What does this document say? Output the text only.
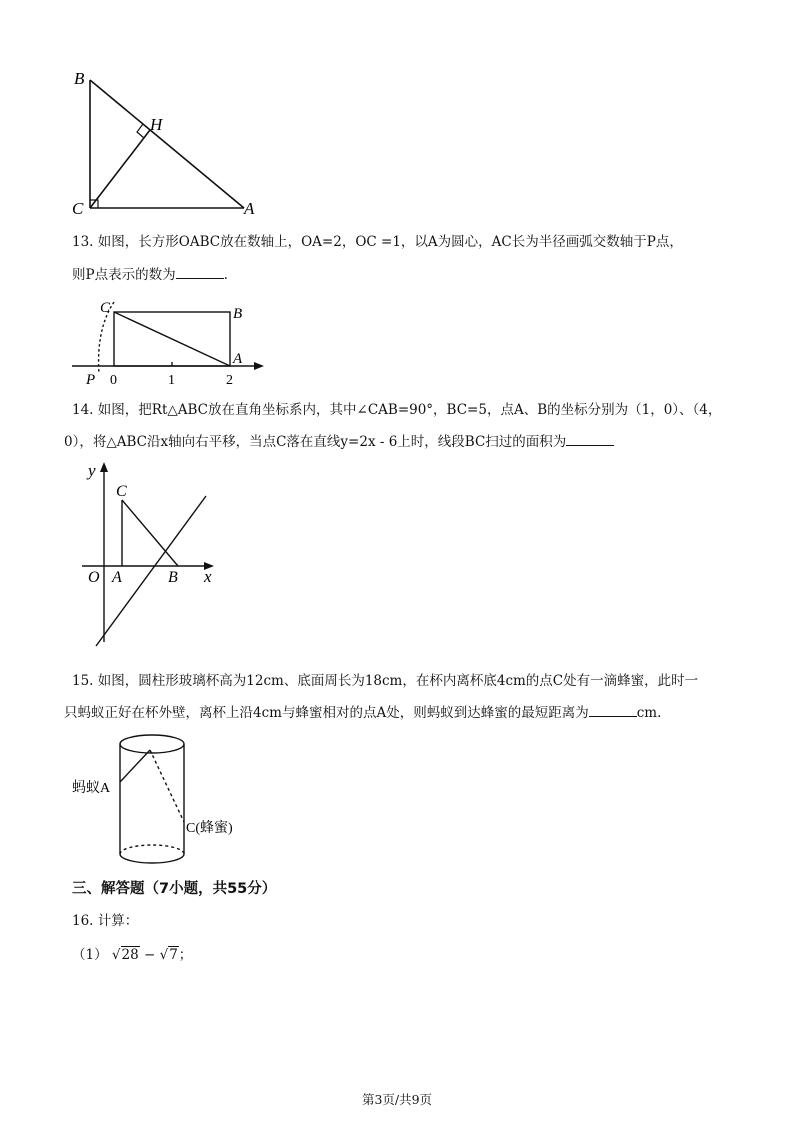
B
H
C	A
13. 如图，长方形OABC放在数轴上，OA=2，OC =1，以A为圆心，AC长为半径画弧交数轴于P点，
则P点表示的数为	.
C	B
A
P 0	1	2
14. 如图，把Rt△ABC放在直角坐标系内，其中∠CAB=90°，BC=5，点A、B的坐标分别为（1，0）、（4，
0），将△ABC沿x轴向右平移，当点C落在直线y=2x - 6上时，线段BC扫过的面积为
y
C
O A	B x
15. 如图，圆柱形玻璃杯高为12cm、底面周长为18cm，在杯内离杯底4cm的点C处有一滴蜂蜜，此时一
只蚂蚁正好在杯外壁，离杯上沿4cm与蜂蜜相对的点A处，则蚂蚁到达蜂蜜的最短距离为	cm.
蚂蚁A
C(蜂蜜)
三、解答题（7小题，共55分）
16. 计算：
（1） √28 − √7；
第3页/共9页
